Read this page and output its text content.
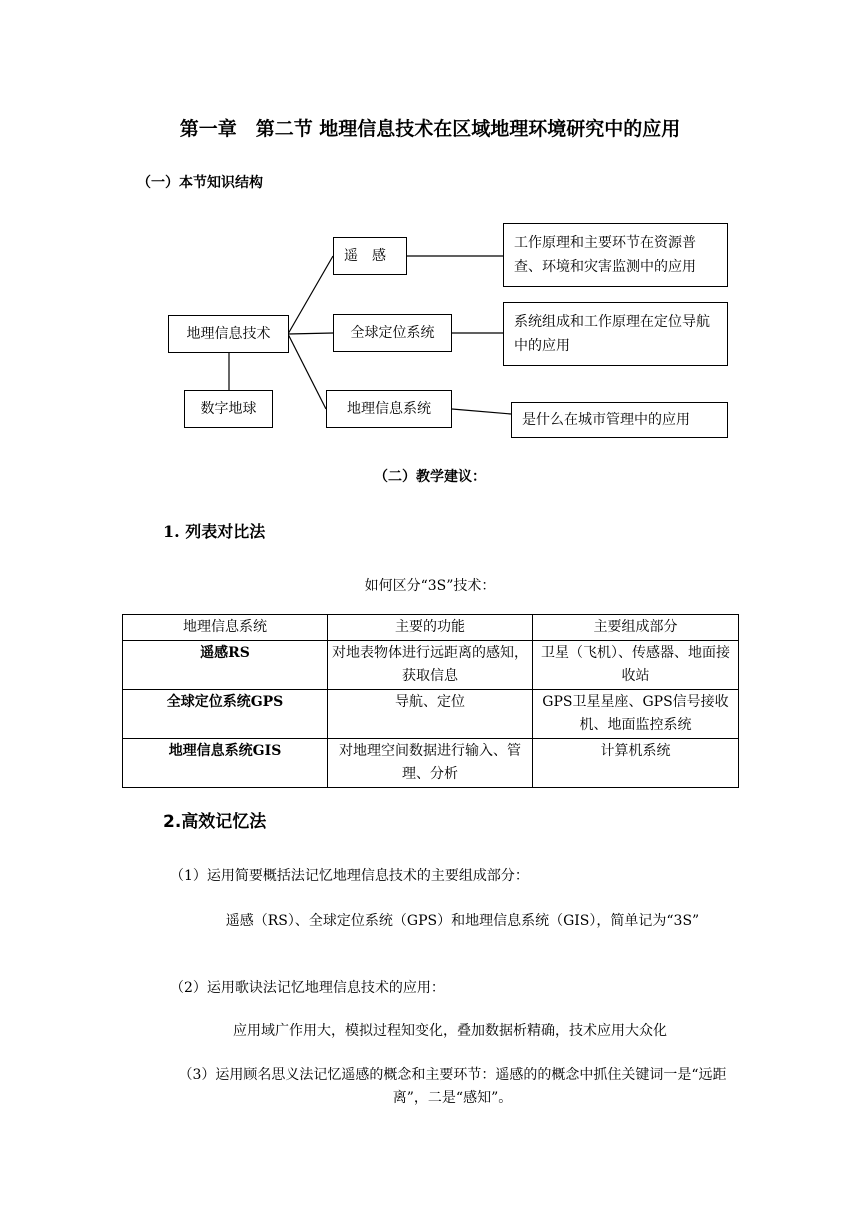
第一章　第二节 地理信息技术在区域地理环境研究中的应用
（一）本节知识结构
地理信息技术
数字地球
遥　感
全球定位系统
地理信息系统
工作原理和主要环节在资源普查、环境和灾害监测中的应用
系统组成和工作原理在定位导航中的应用
是什么在城市管理中的应用
（二）教学建议：
1. 列表对比法
如何区分“3S”技术：
地理信息系统	主要的功能	主要组成部分
遥感RS	对地表物体进行远距离的感知，获取信息	卫星（飞机）、传感器、地面接收站
全球定位系统GPS	导航、定位	GPS卫星星座、GPS信号接收机、地面监控系统
地理信息系统GIS	对地理空间数据进行输入、管理、分析	计算机系统
2.高效记忆法
（1）运用简要概括法记忆地理信息技术的主要组成部分：
遥感（RS）、全球定位系统（GPS）和地理信息系统（GIS），简单记为“3S”
（2）运用歌诀法记忆地理信息技术的应用：
应用域广作用大，模拟过程知变化，叠加数据析精确，技术应用大众化
（3）运用顾名思义法记忆遥感的概念和主要环节：遥感的的概念中抓住关键词一是“远距离”，二是“感知”。
